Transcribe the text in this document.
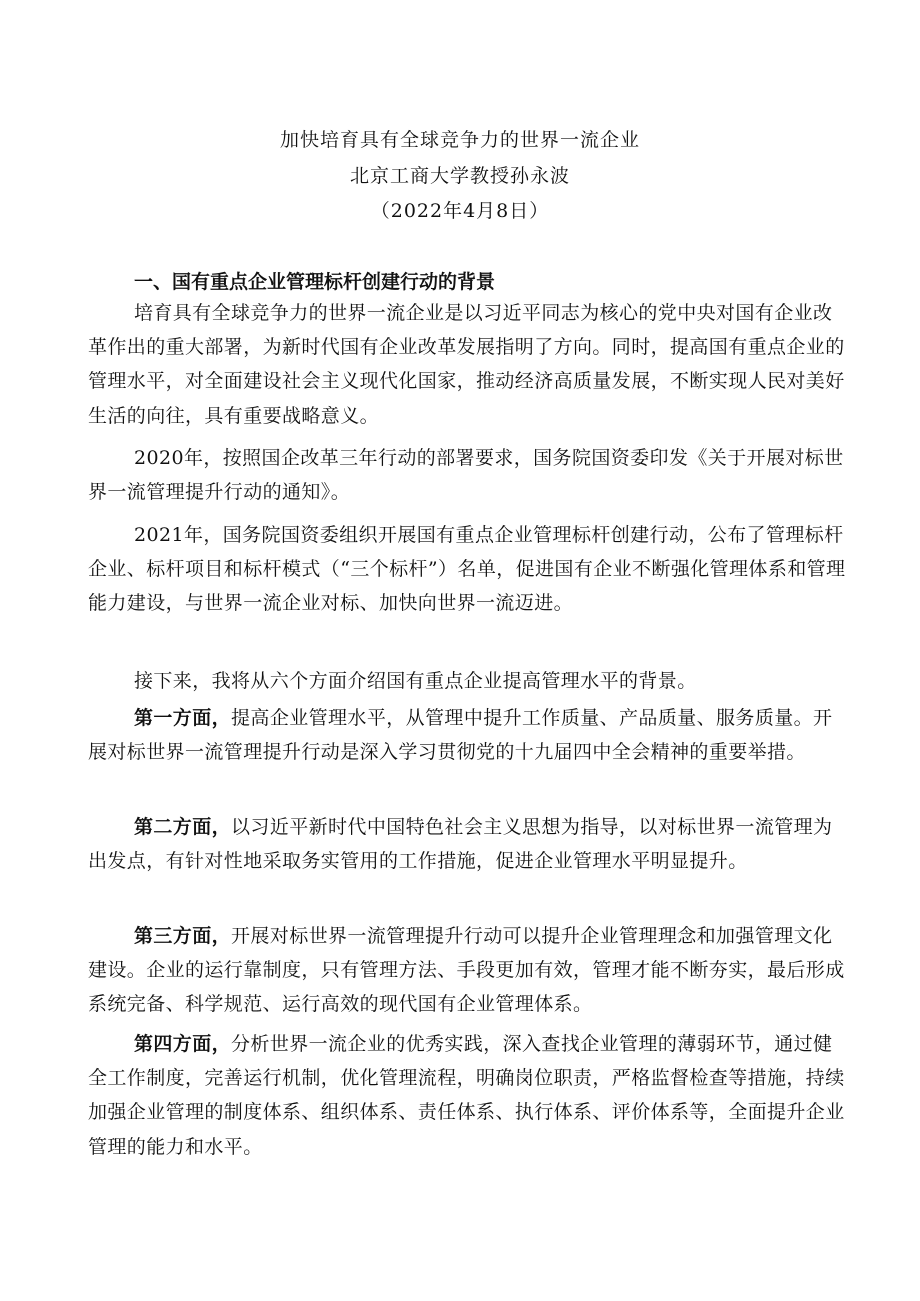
加快培育具有全球竞争力的世界一流企业
北京工商大学教授孙永波
（2022年4月8日）
一、国有重点企业管理标杆创建行动的背景

培育具有全球竞争力的世界一流企业是以习近平同志为核心的党中央对国有企业改革作出的重大部署，为新时代国有企业改革发展指明了方向。同时，提高国有重点企业的管理水平，对全面建设社会主义现代化国家，推动经济高质量发展，不断实现人民对美好生活的向往，具有重要战略意义。

2020年，按照国企改革三年行动的部署要求，国务院国资委印发《关于开展对标世界一流管理提升行动的通知》。

2021年，国务院国资委组织开展国有重点企业管理标杆创建行动，公布了管理标杆企业、标杆项目和标杆模式（“三个标杆”）名单，促进国有企业不断强化管理体系和管理能力建设，与世界一流企业对标、加快向世界一流迈进。

接下来，我将从六个方面介绍国有重点企业提高管理水平的背景。

第一方面，提高企业管理水平，从管理中提升工作质量、产品质量、服务质量。开展对标世界一流管理提升行动是深入学习贯彻党的十九届四中全会精神的重要举措。

第二方面，以习近平新时代中国特色社会主义思想为指导，以对标世界一流管理为出发点，有针对性地采取务实管用的工作措施，促进企业管理水平明显提升。

第三方面，开展对标世界一流管理提升行动可以提升企业管理理念和加强管理文化建设。企业的运行靠制度，只有管理方法、手段更加有效，管理才能不断夯实，最后形成系统完备、科学规范、运行高效的现代国有企业管理体系。

第四方面，分析世界一流企业的优秀实践，深入查找企业管理的薄弱环节，通过健全工作制度，完善运行机制，优化管理流程，明确岗位职责，严格监督检查等措施，持续加强企业管理的制度体系、组织体系、责任体系、执行体系、评价体系等，全面提升企业管理的能力和水平。
